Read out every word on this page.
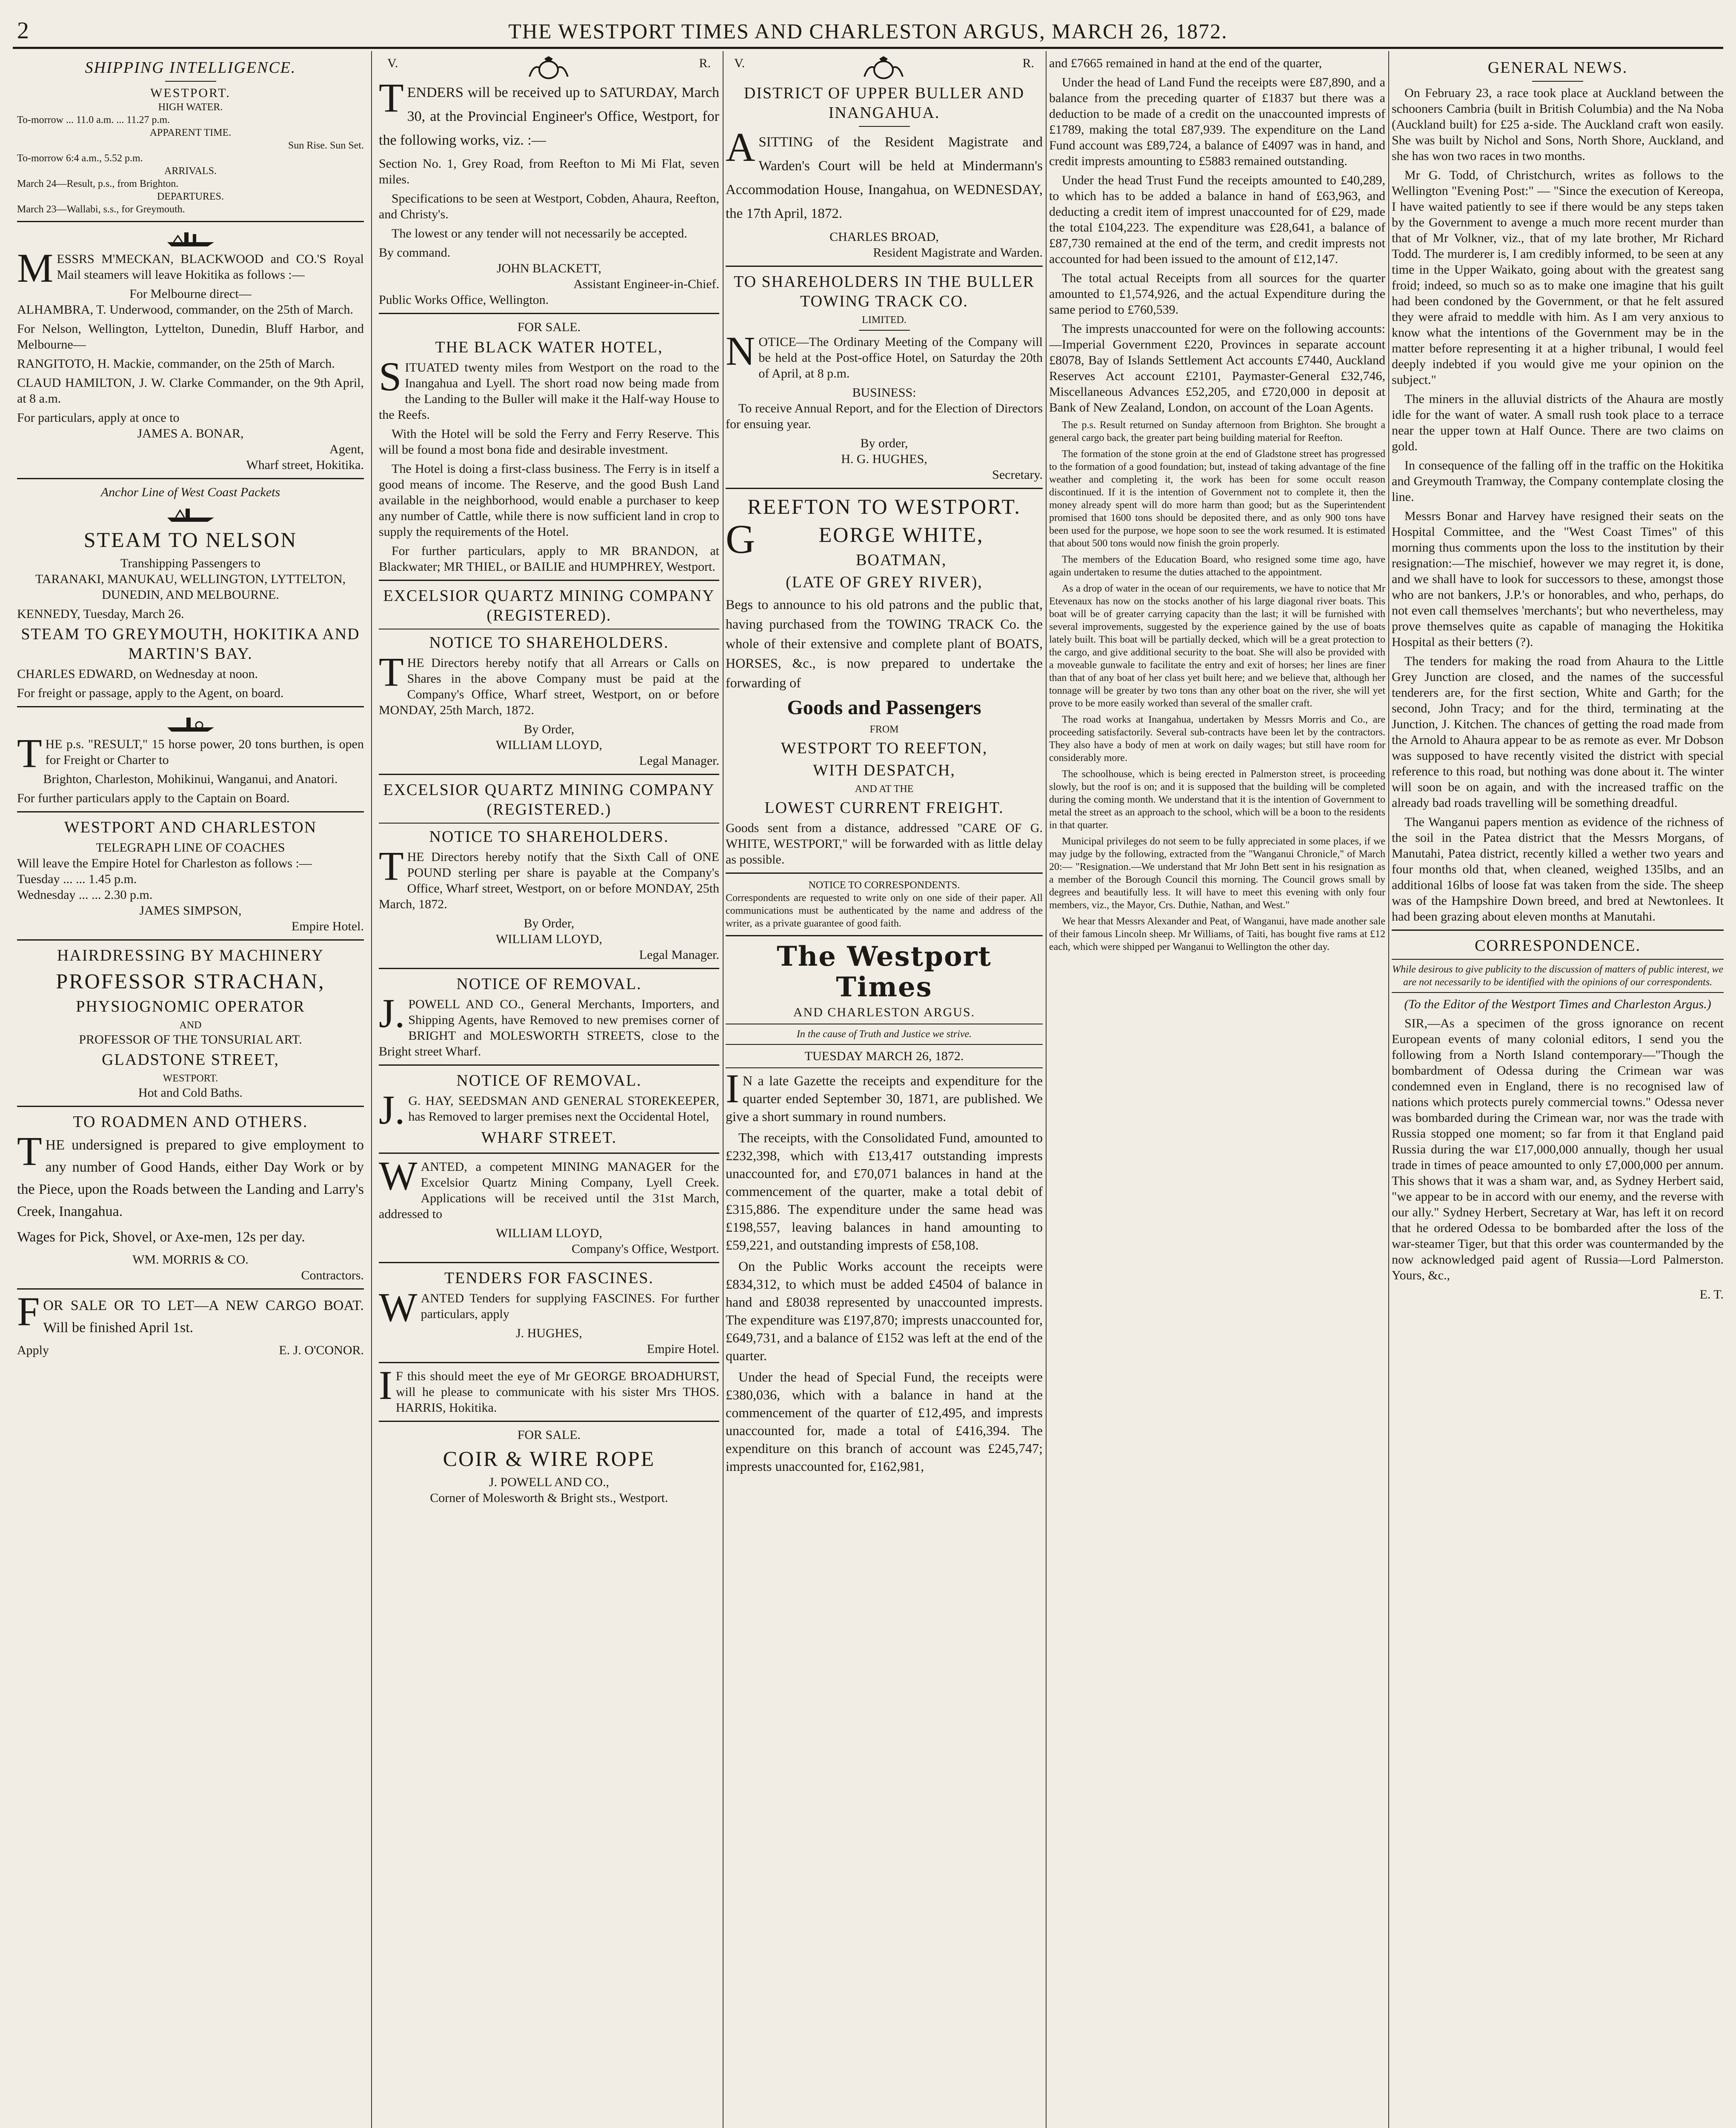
2	THE WESTPORT TIMES AND CHARLESTON ARGUS, MARCH 26, 1872.
SHIPPING INTELLIGENCE.
WESTPORT.
HIGH WATER.
To-morrow ... 11.0 a.m. ... 11.27 p.m.
APPARENT TIME.
Sun Rise. Sun Set.
To-morrow 6:4 a.m., 5.52 p.m.
ARRIVALS.
March 24—Result, p.s., from Brighton.
DEPARTURES.
March 23—Wallabi, s.s., for Greymouth.
MESSRS M'MECKAN, BLACKWOOD and CO.'S Royal Mail steamers will leave Hokitika as follows :—
For Melbourne direct—
ALHAMBRA, T. Underwood, commander, on the 25th of March.
For Nelson, Wellington, Lyttelton, Dunedin, Bluff Harbor, and Melbourne—
RANGITOTO, H. Mackie, commander, on the 25th of March.
CLAUD HAMILTON, J. W. Clarke Commander, on the 9th April, at 8 a.m.
For particulars, apply at once to
JAMES A. BONAR,
Agent,
Wharf street, Hokitika.
Anchor Line of West Coast Packets
STEAM TO NELSON
Transhipping Passengers to
TARANAKI, MANUKAU, WELLINGTON, LYTTELTON, DUNEDIN, AND MELBOURNE.
KENNEDY, Tuesday, March 26.
STEAM TO GREYMOUTH, HOKITIKA AND MARTIN'S BAY.
CHARLES EDWARD, on Wednesday at noon.
For freight or passage, apply to the Agent, on board.
THE p.s. "RESULT," 15 horse power, 20 tons burthen, is open for Freight or Charter to
Brighton, Charleston, Mohikinui, Wanganui, and Anatori.
For further particulars apply to the Captain on Board.
WESTPORT AND CHARLESTON
TELEGRAPH LINE OF COACHES
Will leave the Empire Hotel for Charleston as follows :—
Tuesday ... ... 1.45 p.m.
Wednesday ... ... 2.30 p.m.
JAMES SIMPSON,
Empire Hotel.
HAIRDRESSING BY MACHINERY
PROFESSOR STRACHAN,
PHYSIOGNOMIC OPERATOR
AND
PROFESSOR OF THE TONSURIAL ART.
GLADSTONE STREET,
WESTPORT.
Hot and Cold Baths.
TO ROADMEN AND OTHERS.
THE undersigned is prepared to give employment to any number of Good Hands, either Day Work or by the Piece, upon the Roads between the Landing and Larry's Creek, Inangahua.
Wages for Pick, Shovel, or Axe-men, 12s per day.
WM. MORRIS & CO.
Contractors.
FOR SALE OR TO LET—A NEW CARGO BOAT. Will be finished April 1st.
Apply	E. J. O'CONOR.
V.	R.
TENDERS will be received up to SATURDAY, March 30, at the Provincial Engineer's Office, Westport, for the following works, viz. :—
Section No. 1, Grey Road, from Reefton to Mi Mi Flat, seven miles.

Specifications to be seen at Westport, Cobden, Ahaura, Reefton, and Christy's.

The lowest or any tender will not necessarily be accepted.

By command.
JOHN BLACKETT,
Assistant Engineer-in-Chief.
Public Works Office, Wellington.
FOR SALE.
THE BLACK WATER HOTEL,
SITUATED twenty miles from Westport on the road to the Inangahua and Lyell. The short road now being made from the Landing to the Buller will make it the Half-way House to the Reefs.

With the Hotel will be sold the Ferry and Ferry Reserve. This will be found a most bona fide and desirable investment.

The Hotel is doing a first-class business. The Ferry is in itself a good means of income. The Reserve, and the good Bush Land available in the neighborhood, would enable a purchaser to keep any number of Cattle, while there is now sufficient land in crop to supply the requirements of the Hotel.

For further particulars, apply to MR BRANDON, at Blackwater; MR THIEL, or BAILIE and HUMPHREY, Westport.

EXCELSIOR QUARTZ MINING COMPANY (REGISTERED).
NOTICE TO SHAREHOLDERS.
THE Directors hereby notify that all Arrears or Calls on Shares in the above Company must be paid at the Company's Office, Wharf street, Westport, on or before MONDAY, 25th March, 1872.
By Order,
WILLIAM LLOYD,
Legal Manager.
EXCELSIOR QUARTZ MINING COMPANY (REGISTERED.)
NOTICE TO SHAREHOLDERS.
THE Directors hereby notify that the Sixth Call of ONE POUND sterling per share is payable at the Company's Office, Wharf street, Westport, on or before MONDAY, 25th March, 1872.
By Order,
WILLIAM LLOYD,
Legal Manager.
NOTICE OF REMOVAL.
J.POWELL AND CO., General Merchants, Importers, and Shipping Agents, have Removed to new premises corner of BRIGHT and MOLESWORTH STREETS, close to the Bright street Wharf.
NOTICE OF REMOVAL.
J.G. HAY, SEEDSMAN AND GENERAL STOREKEEPER, has Removed to larger premises next the Occidental Hotel,
WHARF STREET.
WANTED, a competent MINING MANAGER for the Excelsior Quartz Mining Company, Lyell Creek. Applications will be received until the 31st March, addressed to
WILLIAM LLOYD,
Company's Office, Westport.
TENDERS FOR FASCINES.
WANTED Tenders for supplying FASCINES. For further particulars, apply
J. HUGHES,
Empire Hotel.
IF this should meet the eye of Mr GEORGE BROADHURST, will he please to communicate with his sister Mrs THOS. HARRIS, Hokitika.
FOR SALE.
COIR & WIRE ROPE
J. POWELL AND CO.,
Corner of Molesworth & Bright sts., Westport.
V.	R.
DISTRICT OF UPPER BULLER AND INANGAHUA.
ASITTING of the Resident Magistrate and Warden's Court will be held at Mindermann's Accommodation House, Inangahua, on WEDNESDAY, the 17th April, 1872.
CHARLES BROAD,
Resident Magistrate and Warden.
TO SHAREHOLDERS IN THE BULLER TOWING TRACK CO.
LIMITED.
NOTICE—The Ordinary Meeting of the Company will be held at the Post-office Hotel, on Saturday the 20th of April, at 8 p.m.
BUSINESS:

To receive Annual Report, and for the Election of Directors for ensuing year.

By order,
H. G. HUGHES,
Secretary.
REEFTON TO WESTPORT.
GEORGE WHITE,
BOATMAN,
(LATE OF GREY RIVER),
Begs to announce to his old patrons and the public that, having purchased from the TOWING TRACK Co. the whole of their extensive and complete plant of BOATS, HORSES, &c., is now prepared to undertake the forwarding of
Goods and Passengers
FROM
WESTPORT TO REEFTON,
WITH DESPATCH,
AND AT THE
LOWEST CURRENT FREIGHT.
Goods sent from a distance, addressed "CARE OF G. WHITE, WESTPORT," will be forwarded with as little delay as possible.
NOTICE TO CORRESPONDENTS.
Correspondents are requested to write only on one side of their paper. All communications must be authenticated by the name and address of the writer, as a private guarantee of good faith.
The Westport Times
AND CHARLESTON ARGUS.
In the cause of Truth and Justice we strive.
TUESDAY MARCH 26, 1872.
IN a late Gazette the receipts and expenditure for the quarter ended September 30, 1871, are published. We give a short summary in round numbers.

The receipts, with the Consolidated Fund, amounted to £232,398, which with £13,417 outstanding imprests unaccounted for, and £70,071 balances in hand at the commencement of the quarter, make a total debit of £315,886. The expenditure under the same head was £198,557, leaving balances in hand amounting to £59,221, and outstanding imprests of £58,108.

On the Public Works account the receipts were £834,312, to which must be added £4504 of balance in hand and £8038 represented by unaccounted imprests. The expenditure was £197,870; imprests unaccounted for, £649,731, and a balance of £152 was left at the end of the quarter.

Under the head of Special Fund, the receipts were £380,036, which with a balance in hand at the commencement of the quarter of £12,495, and imprests unaccounted for, made a total of £416,394. The expenditure on this branch of account was £245,747; imprests unaccounted for, £162,981,

and £7665 remained in hand at the end of the quarter,

Under the head of Land Fund the receipts were £87,890, and a balance from the preceding quarter of £1837 but there was a deduction to be made of a credit on the unaccounted imprests of £1789, making the total £87,939. The expenditure on the Land Fund account was £89,724, a balance of £4097 was in hand, and credit imprests amounting to £5883 remained outstanding.

Under the head Trust Fund the receipts amounted to £40,289, to which has to be added a balance in hand of £63,963, and deducting a credit item of imprest unaccounted for of £29, made the total £104,223. The expenditure was £28,641, a balance of £87,730 remained at the end of the term, and credit imprests not accounted for had been issued to the amount of £12,147.

The total actual Receipts from all sources for the quarter amounted to £1,574,926, and the actual Expenditure during the same period to £760,539.

The imprests unaccounted for were on the following accounts:—Imperial Government £220, Provinces in separate account £8078, Bay of Islands Settlement Act accounts £7440, Auckland Reserves Act account £2101, Paymaster-General £32,746, Miscellaneous Advances £52,205, and £720,000 in deposit at Bank of New Zealand, London, on account of the Loan Agents.

The p.s. Result returned on Sunday afternoon from Brighton. She brought a general cargo back, the greater part being building material for Reefton.

The formation of the stone groin at the end of Gladstone street has progressed to the formation of a good foundation; but, instead of taking advantage of the fine weather and completing it, the work has been for some occult reason discontinued. If it is the intention of Government not to complete it, then the money already spent will do more harm than good; but as the Superintendent promised that 1600 tons should be deposited there, and as only 900 tons have been used for the purpose, we hope soon to see the work resumed. It is estimated that about 500 tons would now finish the groin properly.

The members of the Education Board, who resigned some time ago, have again undertaken to resume the duties attached to the appointment.

As a drop of water in the ocean of our requirements, we have to notice that Mr Etevenaux has now on the stocks another of his large diagonal river boats. This boat will be of greater carrying capacity than the last; it will be furnished with several improvements, suggested by the experience gained by the use of boats lately built. This boat will be partially decked, which will be a great protection to the cargo, and give additional security to the boat. She will also be provided with a moveable gunwale to facilitate the entry and exit of horses; her lines are finer than that of any boat of her class yet built here; and we believe that, although her tonnage will be greater by two tons than any other boat on the river, she will yet prove to be more easily worked than several of the smaller craft.

The road works at Inangahua, undertaken by Messrs Morris and Co., are proceeding satisfactorily. Several sub-contracts have been let by the contractors. They also have a body of men at work on daily wages; but still have room for considerably more.

The schoolhouse, which is being erected in Palmerston street, is proceeding slowly, but the roof is on; and it is supposed that the building will be completed during the coming month. We understand that it is the intention of Government to metal the street as an approach to the school, which will be a boon to the residents in that quarter.

Municipal privileges do not seem to be fully appreciated in some places, if we may judge by the following, extracted from the "Wanganui Chronicle," of March 20:— "Resignation.—We understand that Mr John Bett sent in his resignation as a member of the Borough Council this morning. The Council grows small by degrees and beautifully less. It will have to meet this evening with only four members, viz., the Mayor, Crs. Duthie, Nathan, and West."

We hear that Messrs Alexander and Peat, of Wanganui, have made another sale of their famous Lincoln sheep. Mr Williams, of Taiti, has bought five rams at £12 each, which were shipped per Wanganui to Wellington the other day.

GENERAL NEWS.

On February 23, a race took place at Auckland between the schooners Cambria (built in British Columbia) and the Na Noba (Auckland built) for £25 a-side. The Auckland craft won easily. She was built by Nichol and Sons, North Shore, Auckland, and she has won two races in two months.

Mr G. Todd, of Christchurch, writes as follows to the Wellington "Evening Post:" — "Since the execution of Kereopa, I have waited patiently to see if there would be any steps taken by the Government to avenge a much more recent murder than that of Mr Volkner, viz., that of my late brother, Mr Richard Todd. The murderer is, I am credibly informed, to be seen at any time in the Upper Waikato, going about with the greatest sang froid; indeed, so much so as to make one imagine that his guilt had been condoned by the Government, or that he felt assured they were afraid to meddle with him. As I am very anxious to know what the intentions of the Government may be in the matter before representing it at a higher tribunal, I would feel deeply indebted if you would give me your opinion on the subject."

The miners in the alluvial districts of the Ahaura are mostly idle for the want of water. A small rush took place to a terrace near the upper town at Half Ounce. There are two claims on gold.

In consequence of the falling off in the traffic on the Hokitika and Greymouth Tramway, the Company contemplate closing the line.

Messrs Bonar and Harvey have resigned their seats on the Hospital Committee, and the "West Coast Times" of this morning thus comments upon the loss to the institution by their resignation:—The mischief, however we may regret it, is done, and we shall have to look for successors to these, amongst those who are not bankers, J.P.'s or honorables, and who, perhaps, do not even call themselves 'merchants'; but who nevertheless, may prove themselves quite as capable of managing the Hokitika Hospital as their betters (?).

The tenders for making the road from Ahaura to the Little Grey Junction are closed, and the names of the successful tenderers are, for the first section, White and Garth; for the second, John Tracy; and for the third, terminating at the Junction, J. Kitchen. The chances of getting the road made from the Arnold to Ahaura appear to be as remote as ever. Mr Dobson was supposed to have recently visited the district with special reference to this road, but nothing was done about it. The winter will soon be on again, and with the increased traffic on the already bad roads travelling will be something dreadful.

The Wanganui papers mention as evidence of the richness of the soil in the Patea district that the Messrs Morgans, of Manutahi, Patea district, recently killed a wether two years and four months old that, when cleaned, weighed 135lbs, and an additional 16lbs of loose fat was taken from the side. The sheep was of the Hampshire Down breed, and bred at Newtonlees. It had been grazing about eleven months at Manutahi.

CORRESPONDENCE.
While desirous to give publicity to the discussion of matters of public interest, we are not necessarily to be identified with the opinions of our correspondents.
(To the Editor of the Westport Times and Charleston Argus.)

SIR,—As a specimen of the gross ignorance on recent European events of many colonial editors, I send you the following from a North Island contemporary—"Though the bombardment of Odessa during the Crimean war was condemned even in England, there is no recognised law of nations which protects purely commercial towns." Odessa never was bombarded during the Crimean war, nor was the trade with Russia stopped one moment; so far from it that England paid Russia during the war £17,000,000 annually, though her usual trade in times of peace amounted to only £7,000,000 per annum. This shows that it was a sham war, and, as Sydney Herbert said, "we appear to be in accord with our enemy, and the reverse with our ally." Sydney Herbert, Secretary at War, has left it on record that he ordered Odessa to be bombarded after the loss of the war-steamer Tiger, but that this order was countermanded by the now acknowledged paid agent of Russia—Lord Palmerston. Yours, &c.,

E. T.
